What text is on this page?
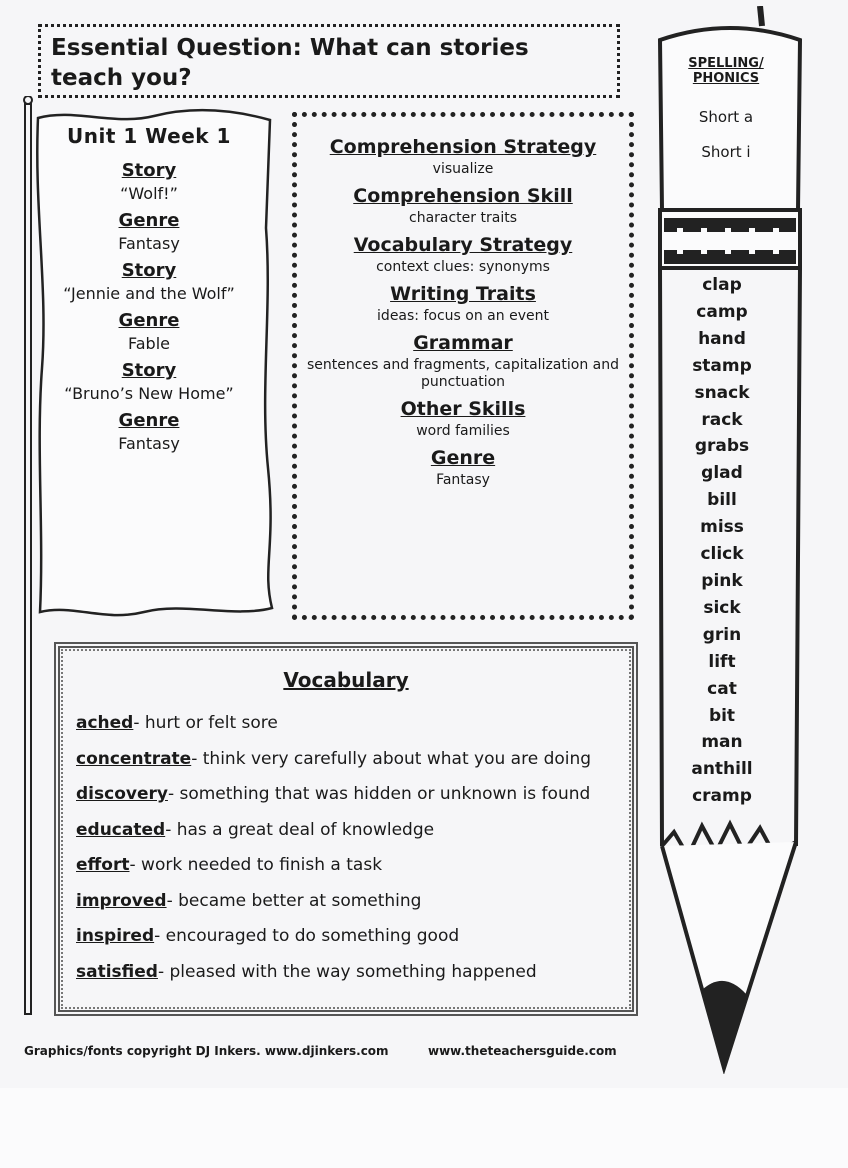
Essential Question: What can stories teach you?
Unit 1 Week 1
Story
“Wolf!”
Genre
Fantasy
Story
“Jennie and the Wolf”
Genre
Fable
Story
“Bruno’s New Home”
Genre
Fantasy
Comprehension Strategy
visualize
Comprehension Skill
character traits
Vocabulary Strategy
context clues: synonyms
Writing Traits
ideas: focus on an event
Grammar
sentences and fragments, capitalization and punctuation
Other Skills
word families
Genre
Fantasy
Vocabulary
ached- hurt or felt sore
concentrate- think very carefully about what you are doing
discovery- something that was hidden or unknown is found
educated- has a great deal of knowledge
effort- work needed to finish a task
improved- became better at something
inspired- encouraged to do something good
satisfied- pleased with the way something happened
SPELLING/ PHONICS
Short a
Short i
clap
camp
hand
stamp
snack
rack
grabs
glad
bill
miss
click
pink
sick
grin
lift
cat
bit
man
anthill
cramp
Graphics/fonts copyright DJ Inkers. www.djinkers.com	www.theteachersguide.com
